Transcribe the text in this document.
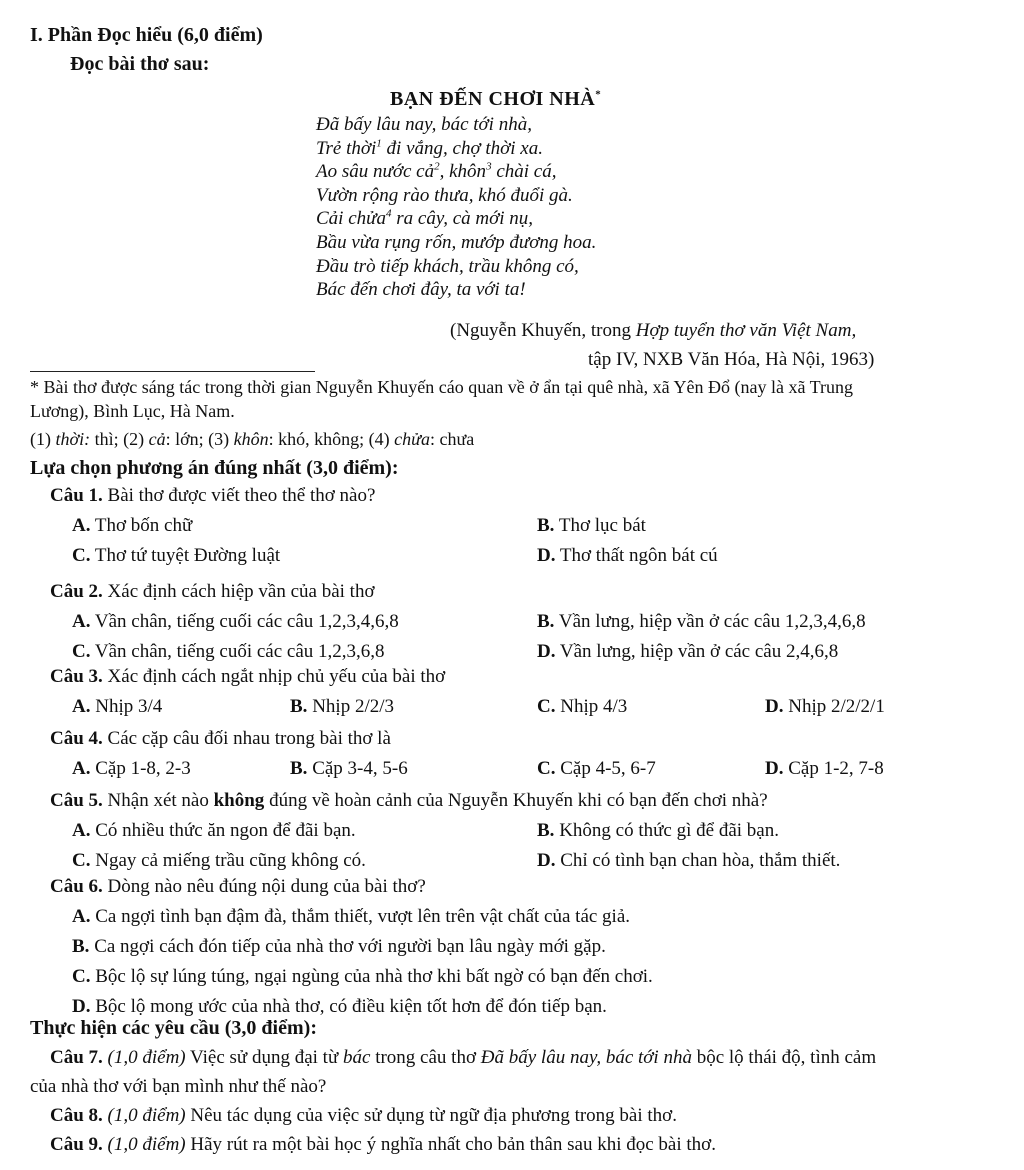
I. Phần Đọc hiểu (6,0 điểm)
Đọc bài thơ sau:
BẠN ĐẾN CHƠI NHÀ*
Đã bấy lâu nay, bác tới nhà,
Trẻ thời$^1$ đi vắng, chợ thời xa.
Ao sâu nước cả$^2$, khôn$^3$ chài cá,
Vườn rộng rào thưa, khó đuổi gà.
Cải chửa$^4$ ra cây, cà mới nụ,
Bầu vừa rụng rốn, mướp đương hoa.
Đầu trò tiếp khách, trầu không có,
Bác đến chơi đây, ta với ta!
(Nguyễn Khuyến, trong Hợp tuyển thơ văn Việt Nam,
tập IV, NXB Văn Hóa, Hà Nội, 1963)
* Bài thơ được sáng tác trong thời gian Nguyễn Khuyến cáo quan về ở ẩn tại quê nhà, xã Yên Đổ (nay là xã Trung
Lương), Bình Lục, Hà Nam.
(1) thời: thì; (2) cả: lớn; (3) khôn: khó, không; (4) chửa: chưa
Lựa chọn phương án đúng nhất (3,0 điểm):
Câu 1. Bài thơ được viết theo thể thơ nào?
A. Thơ bốn chữ	B. Thơ lục bát
C. Thơ tứ tuyệt Đường luật	D. Thơ thất ngôn bát cú
Câu 2. Xác định cách hiệp vần của bài thơ
A. Vần chân, tiếng cuối các câu 1,2,3,4,6,8	B. Vần lưng, hiệp vần ở các câu 1,2,3,4,6,8
C. Vần chân, tiếng cuối các câu 1,2,3,6,8	D. Vần lưng, hiệp vần ở các câu 2,4,6,8
Câu 3. Xác định cách ngắt nhịp chủ yếu của bài thơ
A. Nhịp 3/4	B. Nhịp 2/2/3	C. Nhịp 4/3	D. Nhịp 2/2/2/1
Câu 4. Các cặp câu đối nhau trong bài thơ là
A. Cặp 1-8, 2-3	B. Cặp 3-4, 5-6	C. Cặp 4-5, 6-7	D. Cặp 1-2, 7-8
Câu 5. Nhận xét nào không đúng về hoàn cảnh của Nguyễn Khuyến khi có bạn đến chơi nhà?
A. Có nhiều thức ăn ngon để đãi bạn.	B. Không có thức gì để đãi bạn.
C. Ngay cả miếng trầu cũng không có.	D. Chỉ có tình bạn chan hòa, thắm thiết.
Câu 6. Dòng nào nêu đúng nội dung của bài thơ?
A. Ca ngợi tình bạn đậm đà, thắm thiết, vượt lên trên vật chất của tác giả.
B. Ca ngợi cách đón tiếp của nhà thơ với người bạn lâu ngày mới gặp.
C. Bộc lộ sự lúng túng, ngại ngùng của nhà thơ khi bất ngờ có bạn đến chơi.
D. Bộc lộ mong ước của nhà thơ, có điều kiện tốt hơn để đón tiếp bạn.
Thực hiện các yêu cầu (3,0 điểm):
Câu 7. (1,0 điểm) Việc sử dụng đại từ bác trong câu thơ Đã bấy lâu nay, bác tới nhà bộc lộ thái độ, tình cảm
của nhà thơ với bạn mình như thế nào?
Câu 8. (1,0 điểm) Nêu tác dụng của việc sử dụng từ ngữ địa phương trong bài thơ.
Câu 9. (1,0 điểm) Hãy rút ra một bài học ý nghĩa nhất cho bản thân sau khi đọc bài thơ.
